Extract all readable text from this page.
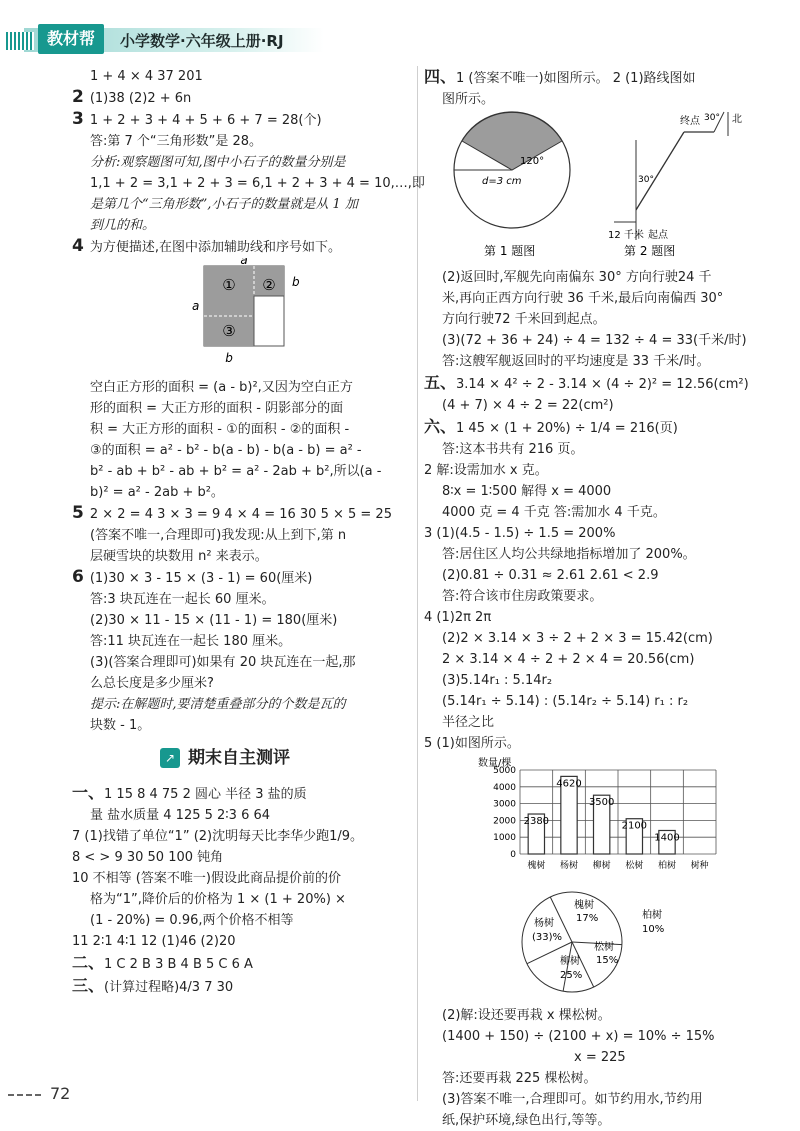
教材帮	小学数学·六年级上册·RJ
1 + 4 × 4 37 201
2 (1)38 (2)2 + 6n
3 1 + 2 + 3 + 4 + 5 + 6 + 7 = 28(个)
答:第 7 个“三角形数”是 28。
分析:观察题图可知,图中小石子的数量分别是
1,1 + 2 = 3,1 + 2 + 3 = 6,1 + 2 + 3 + 4 = 10,…,即
是第几个“三角形数”,小石子的数量就是从 1 加
到几的和。
4 为方便描述,在图中添加辅助线和序号如下。
① ②
③
a
a
b
b
空白正方形的面积 = (a - b)²,又因为空白正方
形的面积 = 大正方形的面积 - 阴影部分的面
积 = 大正方形的面积 - ①的面积 - ②的面积 -
③的面积 = a² - b² - b(a - b) - b(a - b) = a² -
b² - ab + b² - ab + b² = a² - 2ab + b²,所以(a -
b)² = a² - 2ab + b²。
5 2 × 2 = 4 3 × 3 = 9 4 × 4 = 16 30 5 × 5 = 25
(答案不唯一,合理即可)我发现:从上到下,第 n
层硬雪块的块数用 n² 来表示。
6 (1)30 × 3 - 15 × (3 - 1) = 60(厘米)
答:3 块瓦连在一起长 60 厘米。
(2)30 × 11 - 15 × (11 - 1) = 180(厘米)
答:11 块瓦连在一起长 180 厘米。
(3)(答案合理即可)如果有 20 块瓦连在一起,那
么总长度是多少厘米?
提示:在解题时,要清楚重叠部分的个数是瓦的
块数 - 1。
↗ 期末自主测评
一、1 15 8 4 75 2 圆心 半径 3 盐的质
量 盐水质量 4 125 5 2∶3 6 64
7 (1)找错了单位“1” (2)沈明每天比李华少跑1/9。
8 < > 9 30 50 100 钝角
10 不相等 (答案不唯一)假设此商品提价前的价
格为“1”,降价后的价格为 1 × (1 + 20%) ×
(1 - 20%) = 0.96,两个价格不相等
11 2∶1 4∶1 12 (1)46 (2)20
二、1 C 2 B 3 B 4 B 5 C 6 A
三、(计算过程略)4/3 7 30
四、1 (答案不唯一)如图所示。 2 (1)路线图如
图所示。
120°
d=3 cm
第 1 题图
北
终点 30°
30°
12 千米 起点
第 2 题图
(2)返回时,军舰先向南偏东 30° 方向行驶24 千
米,再向正西方向行驶 36 千米,最后向南偏西 30°
方向行驶72 千米回到起点。
(3)(72 + 36 + 24) ÷ 4 = 132 ÷ 4 = 33(千米/时)
答:这艘军舰返回时的平均速度是 33 千米/时。
五、3.14 × 4² ÷ 2 - 3.14 × (4 ÷ 2)² = 12.56(cm²)
(4 + 7) × 4 ÷ 2 = 22(cm²)
六、1 45 × (1 + 20%) ÷ 1/4 = 216(页)
答:这本书共有 216 页。
2 解:设需加水 x 克。
8∶x = 1∶500 解得 x = 4000
4000 克 = 4 千克 答:需加水 4 千克。
3 (1)(4.5 - 1.5) ÷ 1.5 = 200%
答:居住区人均公共绿地指标增加了 200%。
(2)0.81 ÷ 0.31 ≈ 2.61 2.61 < 2.9
答:符合该市住房政策要求。
4 (1)2π 2π
(2)2 × 3.14 × 3 ÷ 2 + 2 × 3 = 15.42(cm)
2 × 3.14 × 4 ÷ 2 + 2 × 4 = 20.56(cm)
(3)5.14r₁ : 5.14r₂
(5.14r₁ ÷ 5.14) : (5.14r₂ ÷ 5.14) r₁ : r₂
半径之比
5 (1)如图所示。
数量/棵
0
1000
2000
3000
4000
5000
2380
4620
3500
2100
1400
槐树 杨树 柳树 松树 柏树 树种

杨树
(33)%
槐树
17%	柏树
10%
松树
15%
柳树
25%
(2)解:设还要再栽 x 棵松树。
(1400 + 150) ÷ (2100 + x) = 10% ÷ 15%
x = 225
答:还要再栽 225 棵松树。
(3)答案不唯一,合理即可。如节约用水,节约用
纸,保护环境,绿色出行,等等。
72
